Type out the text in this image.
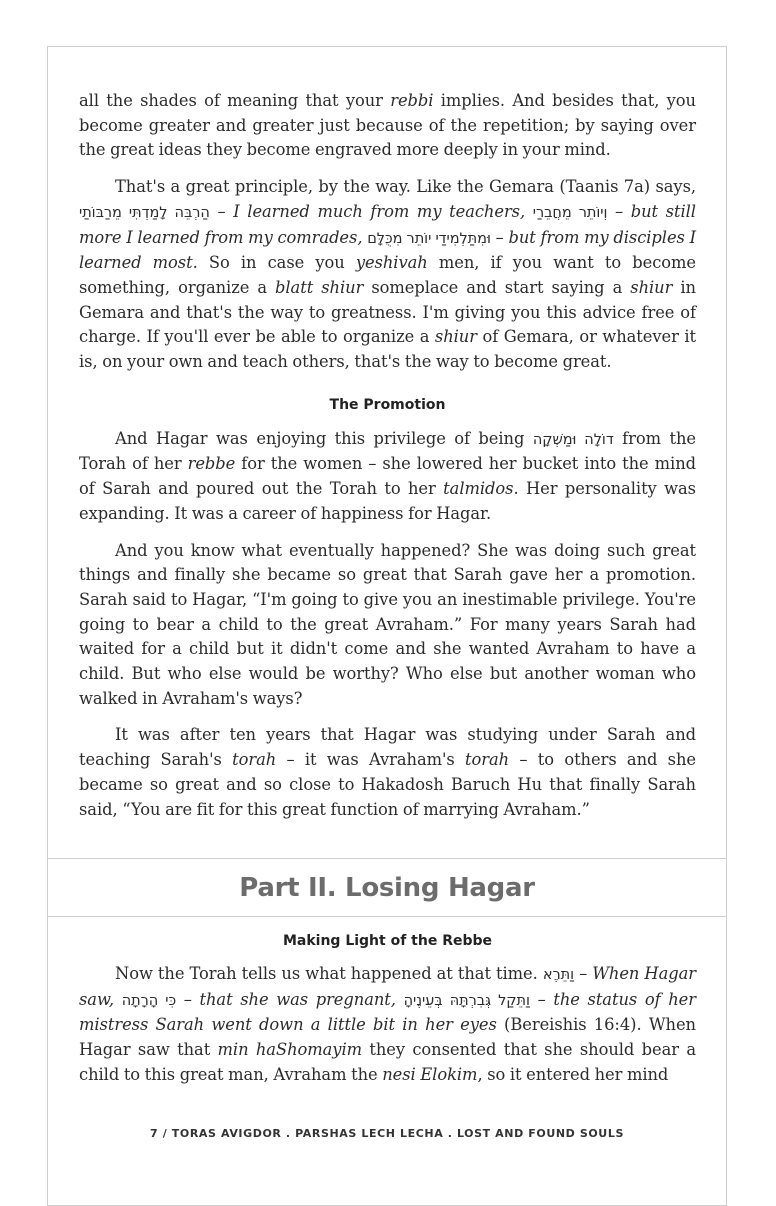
all the shades of meaning that your rebbi implies. And besides that, you become greater and greater just because of the repetition; by saying over the great ideas they become engraved more deeply in your mind.

That's a great principle, by the way. Like the Gemara (Taanis 7a) says, הַרְבֵּה לָמַדְתִּי מֵרַבּוֹתַי – I learned much from my teachers, וְיוֹתֵר מֵחֲבֵרַי – but still more I learned from my comrades, וּמִתַּלְמִידַי יוֹתֵר מִכֻּלָּם – but from my disciples I learned most. So in case you yeshivah men, if you want to become something, organize a blatt shiur someplace and start saying a shiur in Gemara and that's the way to greatness. I'm giving you this advice free of charge. If you'll ever be able to organize a shiur of Gemara, or whatever it is, on your own and teach others, that's the way to become great.

The Promotion

And Hagar was enjoying this privilege of being דוֹלָה וּמַשְׁקָה from the Torah of her rebbe for the women – she lowered her bucket into the mind of Sarah and poured out the Torah to her talmidos. Her personality was expanding. It was a career of happiness for Hagar.

And you know what eventually happened? She was doing such great things and finally she became so great that Sarah gave her a promotion. Sarah said to Hagar, “I'm going to give you an inestimable privilege. You're going to bear a child to the great Avraham.” For many years Sarah had waited for a child but it didn't come and she wanted Avraham to have a child. But who else would be worthy? Who else but another woman who walked in Avraham's ways?

It was after ten years that Hagar was studying under Sarah and teaching Sarah's torah – it was Avraham's torah – to others and she became so great and so close to Hakadosh Baruch Hu that finally Sarah said, “You are fit for this great function of marrying Avraham.”

Part II. Losing Hagar
Making Light of the Rebbe

Now the Torah tells us what happened at that time. וַתֵּרֶא – When Hagar saw, כִּי הָרָתָה – that she was pregnant, וַתֵּקַל גְּבִרְתָּהּ בְּעֵינֶיהָ – the status of her mistress Sarah went down a little bit in her eyes (Bereishis 16:4). When Hagar saw that min haShomayim they consented that she should bear a child to this great man, Avraham the nesi Elokim, so it entered her mind

7 / TORAS AVIGDOR . PARSHAS LECH LECHA . LOST AND FOUND SOULS
